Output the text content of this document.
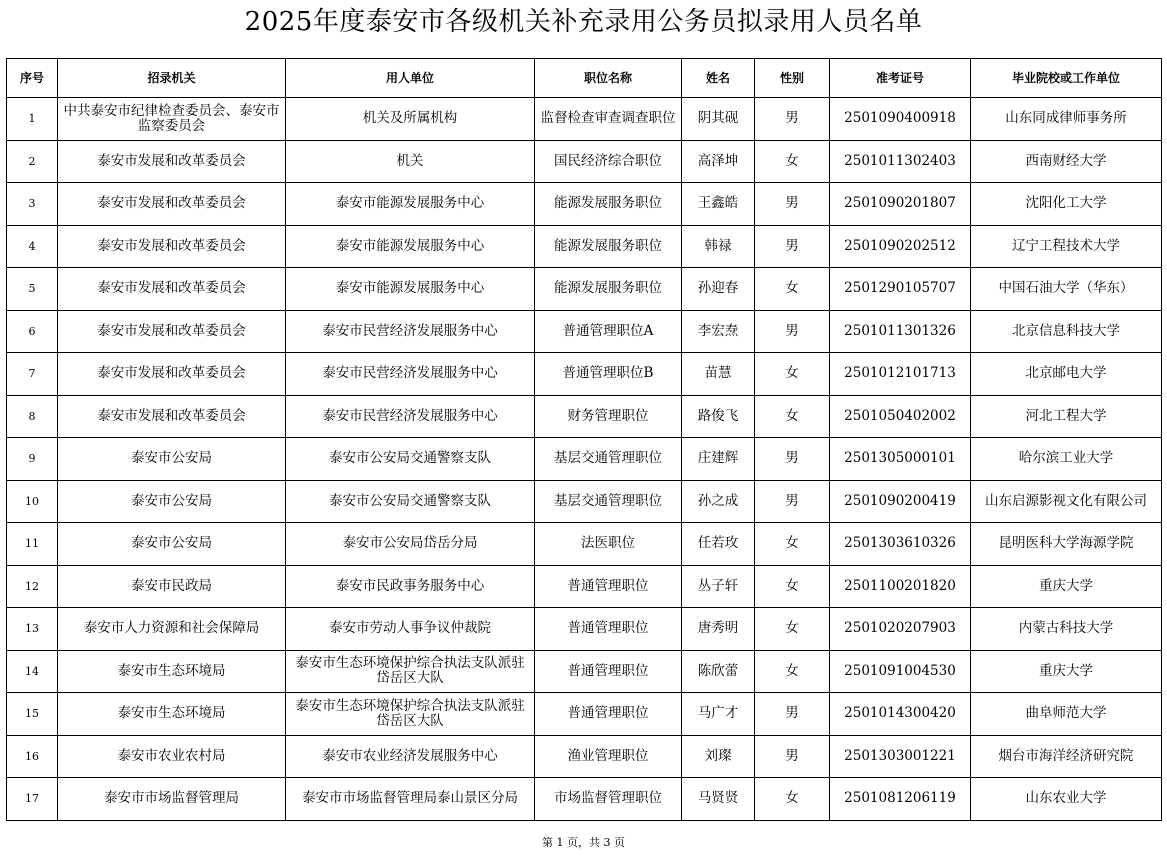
2025年度泰安市各级机关补充录用公务员拟录用人员名单
序号	招录机关	用人单位	职位名称	姓名	性别	准考证号	毕业院校或工作单位
1	中共泰安市纪律检查委员会、泰安市监察委员会	机关及所属机构	监督检查审查调查职位	阴其砚	男	2501090400918	山东同成律师事务所
2	泰安市发展和改革委员会	机关	国民经济综合职位	高泽坤	女	2501011302403	西南财经大学
3	泰安市发展和改革委员会	泰安市能源发展服务中心	能源发展服务职位	王鑫皓	男	2501090201807	沈阳化工大学
4	泰安市发展和改革委员会	泰安市能源发展服务中心	能源发展服务职位	韩禄	男	2501090202512	辽宁工程技术大学
5	泰安市发展和改革委员会	泰安市能源发展服务中心	能源发展服务职位	孙迎春	女	2501290105707	中国石油大学（华东）
6	泰安市发展和改革委员会	泰安市民营经济发展服务中心	普通管理职位A	李宏焘	男	2501011301326	北京信息科技大学
7	泰安市发展和改革委员会	泰安市民营经济发展服务中心	普通管理职位B	苗慧	女	2501012101713	北京邮电大学
8	泰安市发展和改革委员会	泰安市民营经济发展服务中心	财务管理职位	路俊飞	女	2501050402002	河北工程大学
9	泰安市公安局	泰安市公安局交通警察支队	基层交通管理职位	庄建辉	男	2501305000101	哈尔滨工业大学
10	泰安市公安局	泰安市公安局交通警察支队	基层交通管理职位	孙之成	男	2501090200419	山东启源影视文化有限公司
11	泰安市公安局	泰安市公安局岱岳分局	法医职位	任若玫	女	2501303610326	昆明医科大学海源学院
12	泰安市民政局	泰安市民政事务服务中心	普通管理职位	丛子轩	女	2501100201820	重庆大学
13	泰安市人力资源和社会保障局	泰安市劳动人事争议仲裁院	普通管理职位	唐秀明	女	2501020207903	内蒙古科技大学
14	泰安市生态环境局	泰安市生态环境保护综合执法支队派驻岱岳区大队	普通管理职位	陈欣蕾	女	2501091004530	重庆大学
15	泰安市生态环境局	泰安市生态环境保护综合执法支队派驻岱岳区大队	普通管理职位	马广才	男	2501014300420	曲阜师范大学
16	泰安市农业农村局	泰安市农业经济发展服务中心	渔业管理职位	刘璨	男	2501303001221	烟台市海洋经济研究院
17	泰安市市场监督管理局	泰安市市场监督管理局泰山景区分局	市场监督管理职位	马贤贤	女	2501081206119	山东农业大学
第 1 页，共 3 页
